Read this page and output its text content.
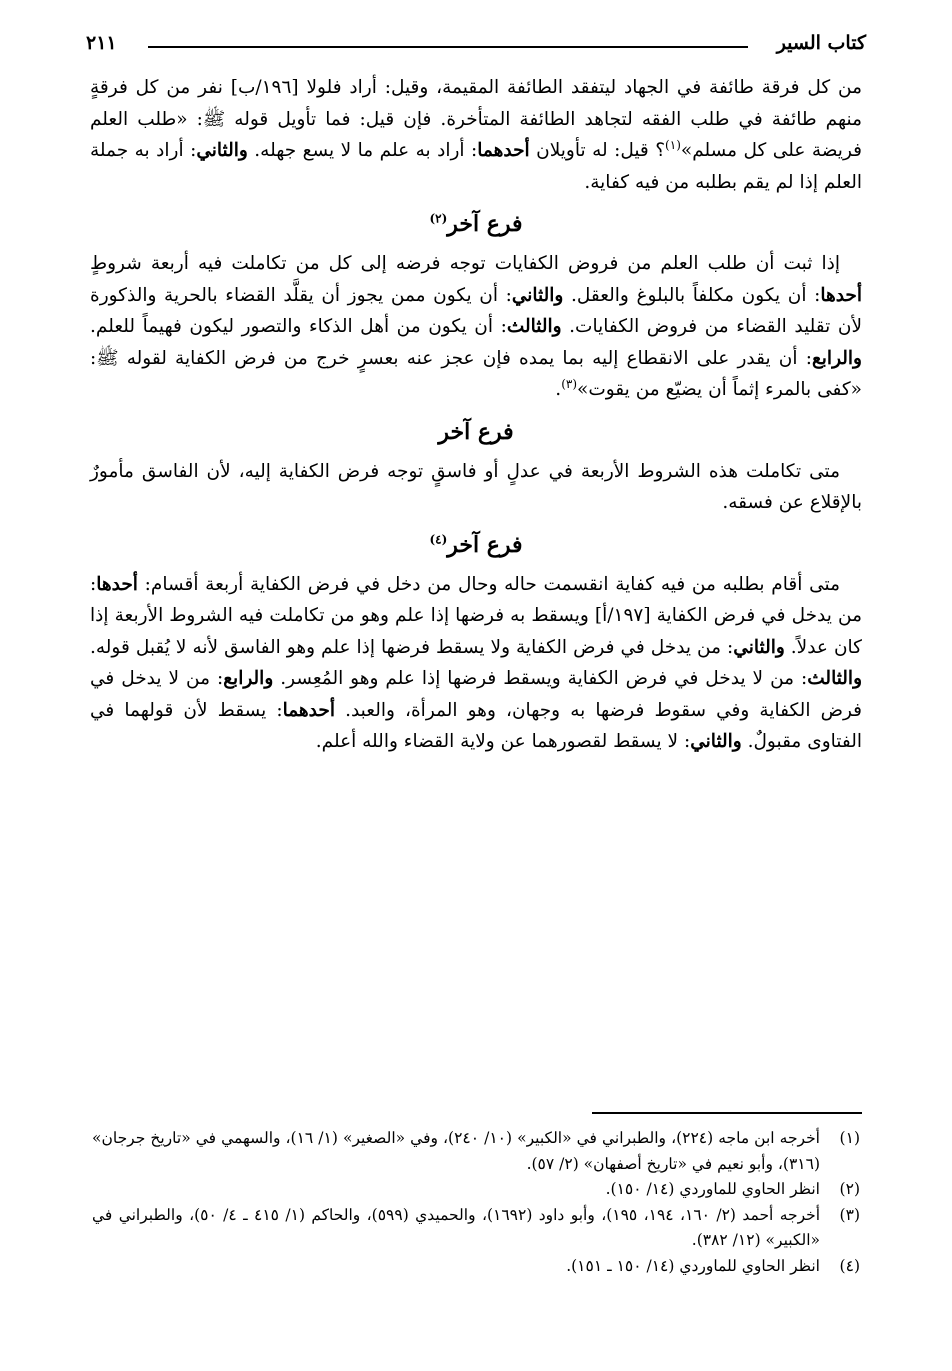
كتاب السير
٢١١

من كل فرقة طائفة في الجهاد ليتفقد الطائفة المقيمة، وقيل: أراد فلولا [١٩٦/ب] نفر من كل فرقةٍ منهم طائفة في طلب الفقه لتجاهد الطائفة المتأخرة. فإن قيل: فما تأويل قوله ﷺ: «طلب العلم فريضة على كل مسلم»$^{(١)}$؟ قيل: له تأويلان أحدهما: أراد به علم ما لا يسع جهله. والثاني: أراد به جملة العلم إذا لم يقم بطلبه من فيه كفاية.

فرع آخر$^{(٢)}$

إذا ثبت أن طلب العلم من فروض الكفايات توجه فرضه إلى كل من تكاملت فيه أربعة شروطٍ أحدها: أن يكون مكلفاً بالبلوغ والعقل. والثاني: أن يكون ممن يجوز أن يقلَّد القضاء بالحرية والذكورة لأن تقليد القضاء من فروض الكفايات. والثالث: أن يكون من أهل الذكاء والتصور ليكون فهيماً للعلم. والرابع: أن يقدر على الانقطاع إليه بما يمده فإن عجز عنه بعسرٍ خرج من فرض الكفاية لقوله ﷺ: «كفى بالمرء إثماً أن يضيّع من يقوت»$^{(٣)}$.

فرع آخر

متى تكاملت هذه الشروط الأربعة في عدلٍ أو فاسقٍ توجه فرض الكفاية إليه، لأن الفاسق مأمورٌ بالإقلاع عن فسقه.

فرع آخر$^{(٤)}$

متى أقام بطلبه من فيه كفاية انقسمت حاله وحال من دخل في فرض الكفاية أربعة أقسام: أحدها: من يدخل في فرض الكفاية [١٩٧/أ] ويسقط به فرضها إذا علم وهو من تكاملت فيه الشروط الأربعة إذا كان عدلاً. والثاني: من يدخل في فرض الكفاية ولا يسقط فرضها إذا علم وهو الفاسق لأنه لا يُقبل قوله. والثالث: من لا يدخل في فرض الكفاية ويسقط فرضها إذا علم وهو المُعِسر. والرابع: من لا يدخل في فرض الكفاية وفي سقوط فرضها به وجهان، وهو المرأة، والعبد. أحدهما: يسقط لأن قولهما في الفتاوى مقبولٌ. والثاني: لا يسقط لقصورهما عن ولاية القضاء والله أعلم.

(١)
أخرجه ابن ماجه (٢٢٤)، والطبراني في «الكبير» (١٠/ ٢٤٠)، وفي «الصغير» (١/ ١٦)، والسهمي في «تاريخ جرجان» (٣١٦)، وأبو نعيم في «تاريخ أصفهان» (٢/ ٥٧).
(٢)
انظر الحاوي للماوردي (١٤/ ١٥٠).
(٣)
أخرجه أحمد (٢/ ١٦٠، ١٩٤، ١٩٥)، وأبو داود (١٦٩٢)، والحميدي (٥٩٩)، والحاكم (١/ ٤١٥ ـ ٤/ ٥٠)، والطبراني في «الكبير» (١٢/ ٣٨٢).
(٤)
انظر الحاوي للماوردي (١٤/ ١٥٠ ـ ١٥١).
